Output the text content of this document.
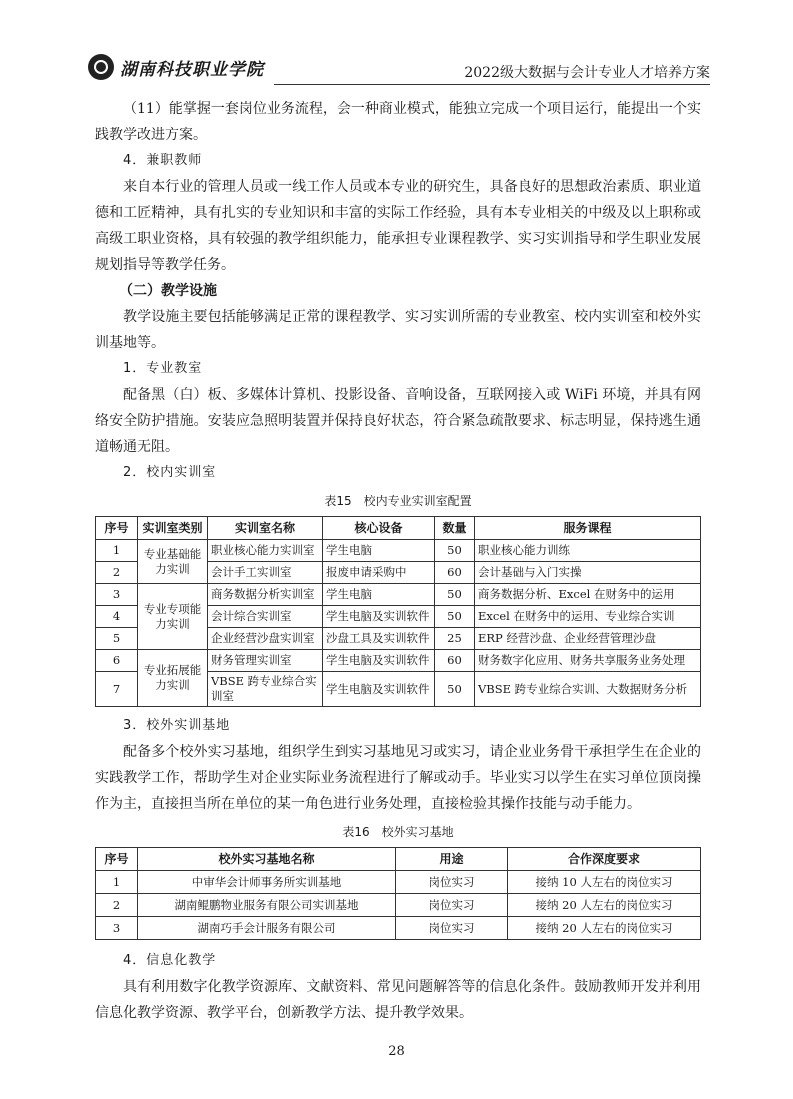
湖南科技职业学院	2022级大数据与会计专业人才培养方案

（11）能掌握一套岗位业务流程，会一种商业模式，能独立完成一个项目运行，能提出一个实践教学改进方案。

4．兼职教师

来自本行业的管理人员或一线工作人员或本专业的研究生，具备良好的思想政治素质、职业道德和工匠精神，具有扎实的专业知识和丰富的实际工作经验，具有本专业相关的中级及以上职称或高级工职业资格，具有较强的教学组织能力，能承担专业课程教学、实习实训指导和学生职业发展规划指导等教学任务。

（二）教学设施

教学设施主要包括能够满足正常的课程教学、实习实训所需的专业教室、校内实训室和校外实训基地等。

1．专业教室

配备黑（白）板、多媒体计算机、投影设备、音响设备，互联网接入或 WiFi 环境，并具有网络安全防护措施。安装应急照明装置并保持良好状态，符合紧急疏散要求、标志明显，保持逃生通道畅通无阻。

2．校内实训室
表15　校内专业实训室配置
序号	实训室类别	实训室名称	核心设备	数量	服务课程
1	专业基础能力实训	职业核心能力实训室	学生电脑	50	职业核心能力训练
2		会计手工实训室	报废申请采购中	60	会计基础与入门实操
3	专业专项能力实训	商务数据分析实训室	学生电脑	50	商务数据分析、Excel 在财务中的运用
4		会计综合实训室	学生电脑及实训软件	50	Excel 在财务中的运用、专业综合实训
5		企业经营沙盘实训室	沙盘工具及实训软件	25	ERP 经营沙盘、企业经营管理沙盘
6	专业拓展能力实训	财务管理实训室	学生电脑及实训软件	60	财务数字化应用、财务共享服务业务处理
7		VBSE 跨专业综合实训室	学生电脑及实训软件	50	VBSE 跨专业综合实训、大数据财务分析
3．校外实训基地

配备多个校外实习基地，组织学生到实习基地见习或实习，请企业业务骨干承担学生在企业的实践教学工作，帮助学生对企业实际业务流程进行了解或动手。毕业实习以学生在实习单位顶岗操作为主，直接担当所在单位的某一角色进行业务处理，直接检验其操作技能与动手能力。

表16　校外实习基地
序号	校外实习基地名称	用途	合作深度要求
1	中审华会计师事务所实训基地	岗位实习	接纳 10 人左右的岗位实习
2	湖南鲲鹏物业服务有限公司实训基地	岗位实习	接纳 20 人左右的岗位实习
3	湖南巧手会计服务有限公司	岗位实习	接纳 20 人左右的岗位实习
4．信息化教学

具有利用数字化教学资源库、文献资料、常见问题解答等的信息化条件。鼓励教师开发并利用信息化教学资源、教学平台，创新教学方法、提升教学效果。

28
